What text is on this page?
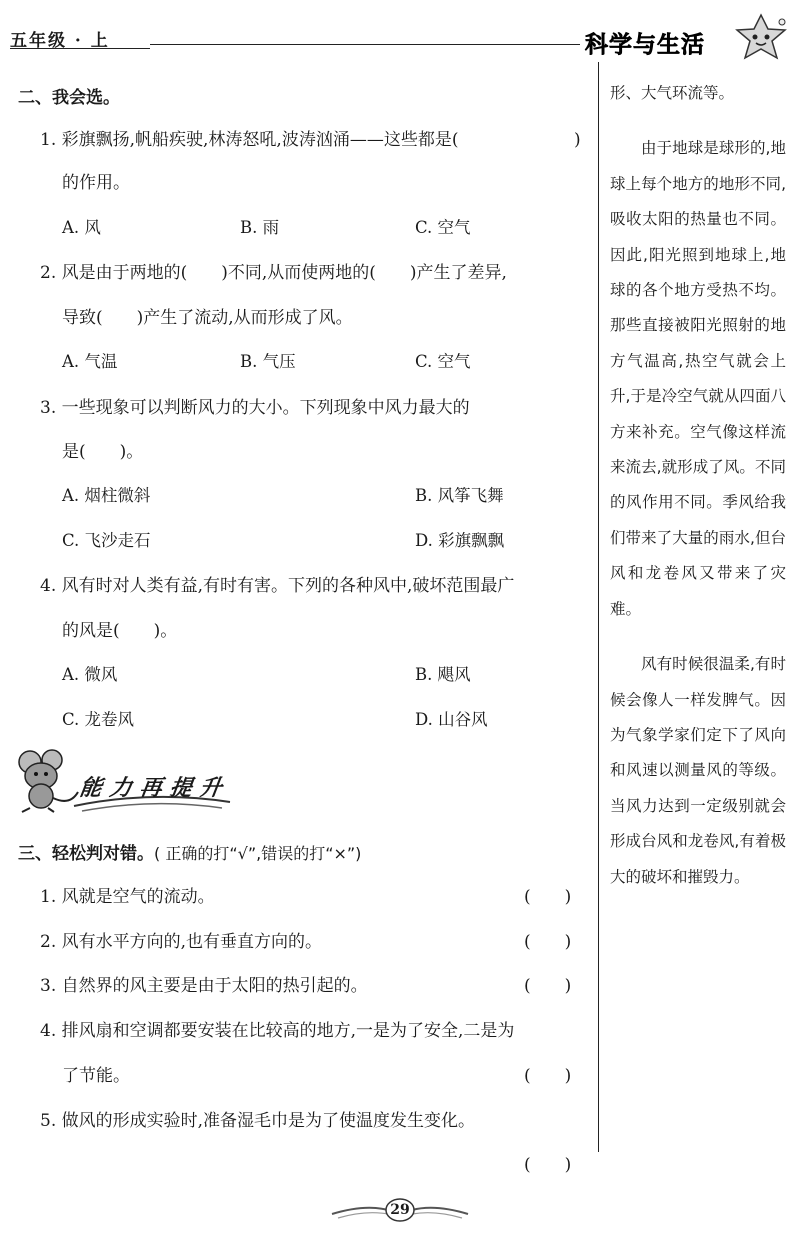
五年级 · 上	科学与生活

形、大气环流等。

由于地球是球形的,地球上每个地方的地形不同,吸收太阳的热量也不同。因此,阳光照到地球上,地球的各个地方受热不均。那些直接被阳光照射的地方气温高,热空气就会上升,于是冷空气就从四面八方来补充。空气像这样流来流去,就形成了风。不同的风作用不同。季风给我们带来了大量的雨水,但台风和龙卷风又带来了灾难。

风有时候很温柔,有时候会像人一样发脾气。因为气象学家们定下了风向和风速以测量风的等级。当风力达到一定级别就会形成台风和龙卷风,有着极大的破坏和摧毁力。

二、我会选。
1. 彩旗飘扬,帆船疾驶,林涛怒吼,波涛汹涌——这些都是(	)
的作用。
A. 风	B. 雨	C. 空气
2. 风是由于两地的(　　)不同,从而使两地的(　　)产生了差异,
导致(　　)产生了流动,从而形成了风。
A. 气温	B. 气压	C. 空气
3. 一些现象可以判断风力的大小。下列现象中风力最大的
是(　　)。
A. 烟柱微斜	B. 风筝飞舞
C. 飞沙走石	D. 彩旗飘飘
4. 风有时对人类有益,有时有害。下列的各种风中,破坏范围最广
的风是(　　)。
A. 微风	B. 飓风
C. 龙卷风	D. 山谷风
能力再提升
三、轻松判对错。( 正确的打“√”,错误的打“×”)
1. 风就是空气的流动。	(　　)
2. 风有水平方向的,也有垂直方向的。	(　　)
3. 自然界的风主要是由于太阳的热引起的。	(　　)
4. 排风扇和空调都要安装在比较高的地方,一是为了安全,二是为
了节能。	(　　)
5. 做风的形成实验时,准备湿毛巾是为了使温度发生变化。
(　　)
29
